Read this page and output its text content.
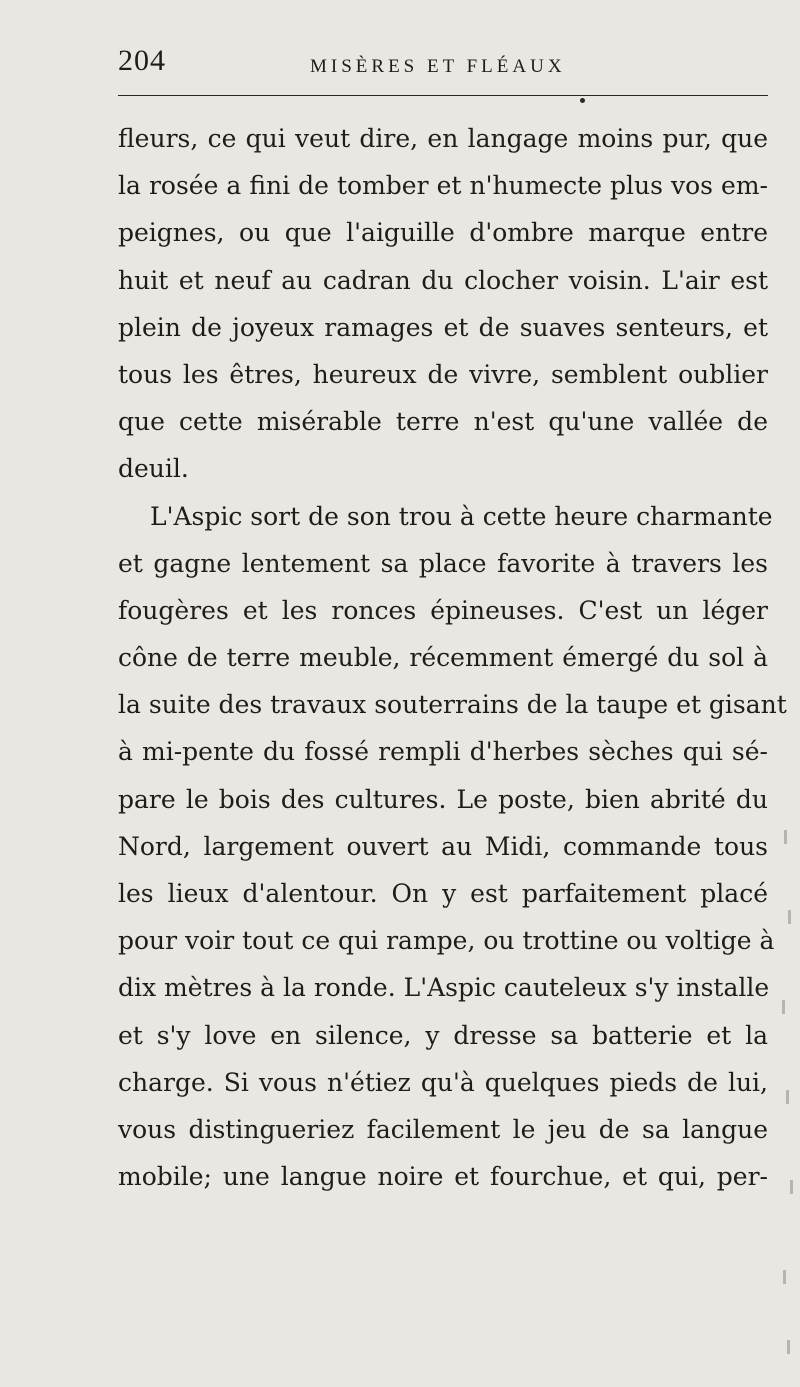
204	MISÈRES ET FLÉAUX
fleurs, ce qui veut dire, en langage moins pur, que
la rosée a fini de tomber et n'humecte plus vos em-
peignes, ou que l'aiguille d'ombre marque entre
huit et neuf au cadran du clocher voisin. L'air est
plein de joyeux ramages et de suaves senteurs, et
tous les êtres, heureux de vivre, semblent oublier
que cette misérable terre n'est qu'une vallée de
deuil.
L'Aspic sort de son trou à cette heure charmante
et gagne lentement sa place favorite à travers les
fougères et les ronces épineuses. C'est un léger
cône de terre meuble, récemment émergé du sol à
la suite des travaux souterrains de la taupe et gisant
à mi-pente du fossé rempli d'herbes sèches qui sé-
pare le bois des cultures. Le poste, bien abrité du
Nord, largement ouvert au Midi, commande tous
les lieux d'alentour. On y est parfaitement placé
pour voir tout ce qui rampe, ou trottine ou voltige à
dix mètres à la ronde. L'Aspic cauteleux s'y installe
et s'y love en silence, y dresse sa batterie et la
charge. Si vous n'étiez qu'à quelques pieds de lui,
vous distingueriez facilement le jeu de sa langue
mobile; une langue noire et fourchue, et qui, per-
